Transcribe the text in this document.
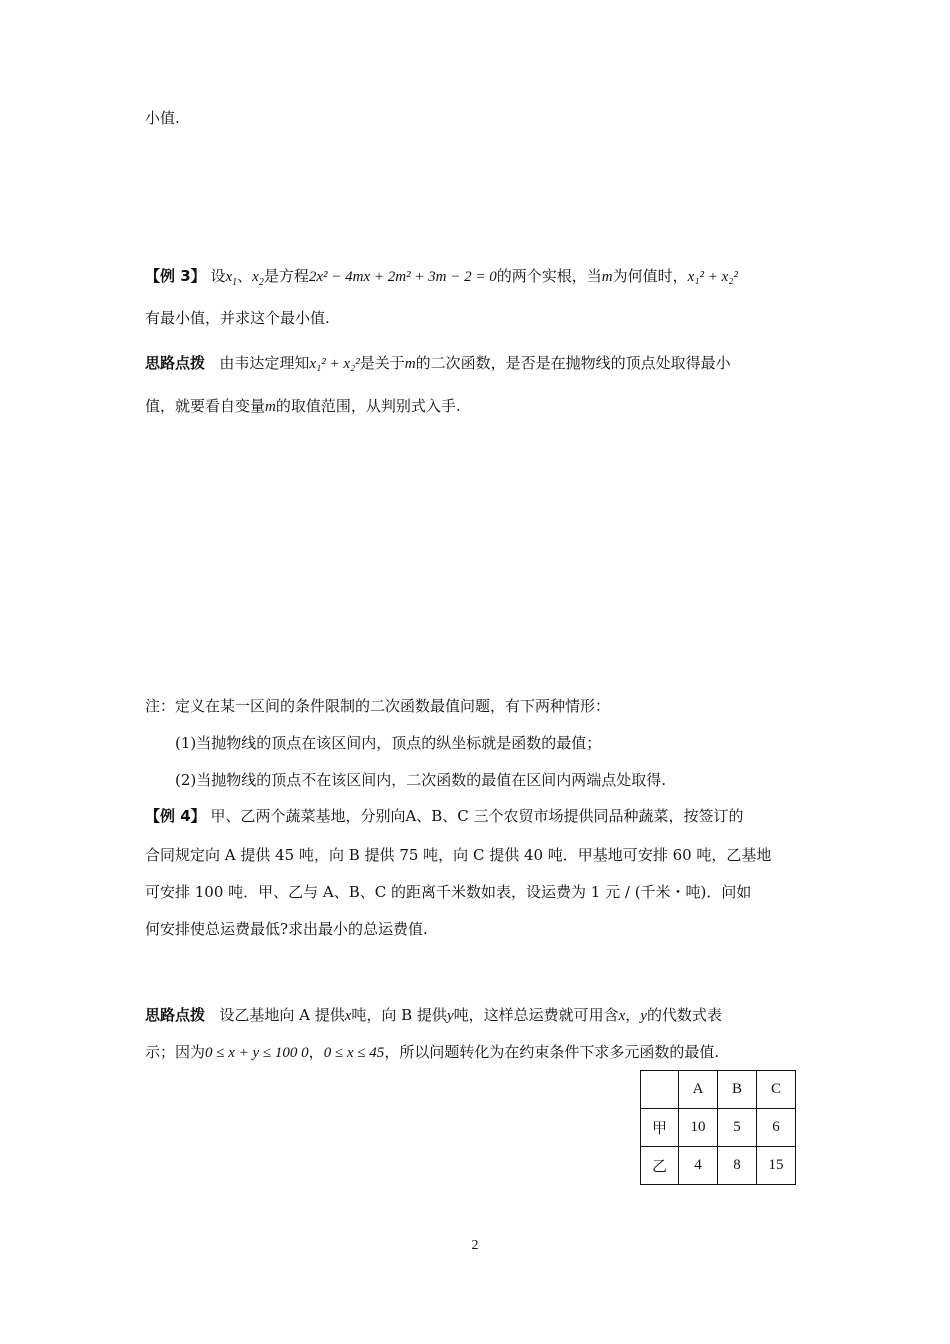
小值.
【例 3】 设$x_1$、$x_2$是方程2x² − 4mx + 2m² + 3m − 2 = 0的两个实根，当m为何值时，x₁² + x₂²
有最小值，并求这个最小值.
思路点拨 由韦达定理知x₁² + x₂²是关于m的二次函数，是否是在抛物线的顶点处取得最小
值，就要看自变量m的取值范围，从判别式入手.
注：定义在某一区间的条件限制的二次函数最值问题，有下两种情形：
(1)当抛物线的顶点在该区间内，顶点的纵坐标就是函数的最值；
(2)当抛物线的顶点不在该区间内，二次函数的最值在区间内两端点处取得.
【例 4】 甲、乙两个蔬菜基地，分别向A、B、C 三个农贸市场提供同品种蔬菜，按签订的
合同规定向 A 提供 45 吨，向 B 提供 75 吨，向 C 提供 40 吨．甲基地可安排 60 吨，乙基地
可安排 100 吨．甲、乙与 A、B、C 的距离千米数如表，设运费为 1 元 / (千米・吨)．问如
何安排使总运费最低?求出最小的总运费值.
思路点拨 设乙基地向 A 提供x吨，向 B 提供y吨，这样总运费就可用含x，y的代数式表
示；因为0 ≤ x + y ≤ 100 0，0 ≤ x ≤ 45，所以问题转化为在约束条件下求多元函数的最值.
	A	B	C
甲	10	5	6
乙	4	8	15
2
